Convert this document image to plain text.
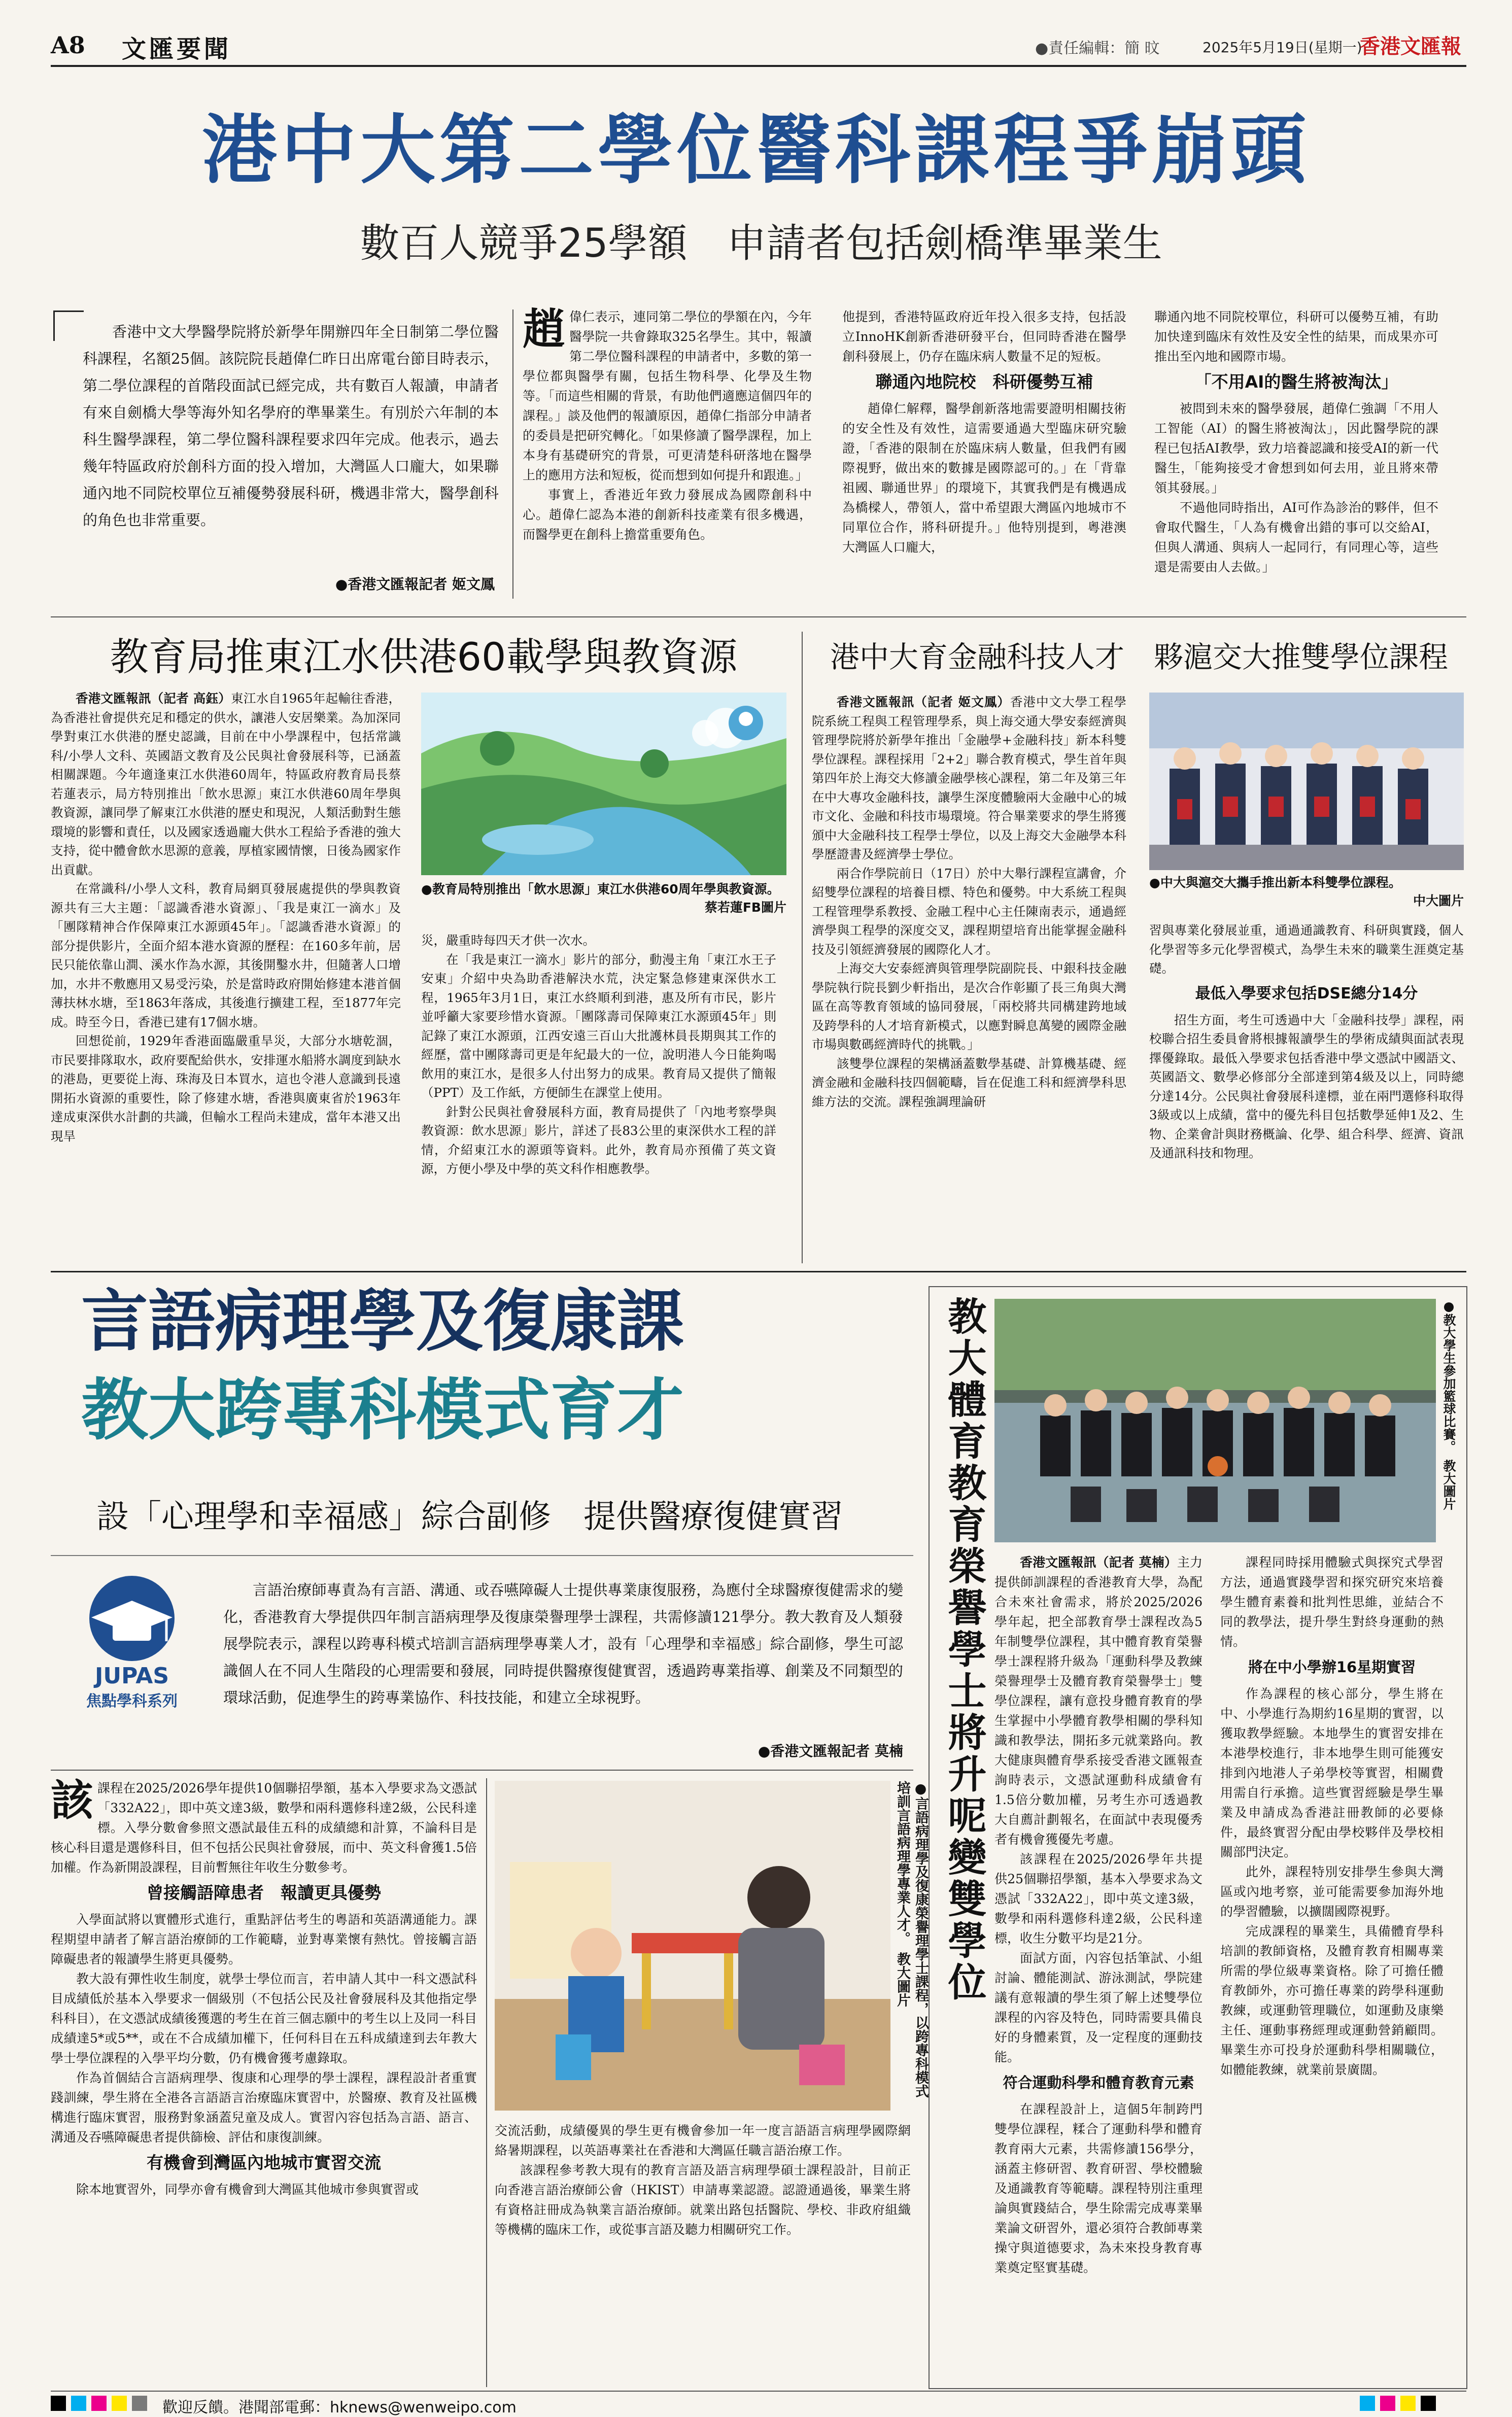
A8 文匯要聞	●責任編輯：簡 旼	2025年5月19日(星期一)
香港文匯報
港中大第二學位醫科課程爭崩頭
數百人競爭25學額　申請者包括劍橋準畢業生

香港中文大學醫學院將於新學年開辦四年全日制第二學位醫科課程，名額25個。該院院長趙偉仁昨日出席電台節目時表示，第二學位課程的首階段面試已經完成，共有數百人報讀，申請者有來自劍橋大學等海外知名學府的準畢業生。有別於六年制的本科生醫學課程，第二學位醫科課程要求四年完成。他表示，過去幾年特區政府於創科方面的投入增加，大灣區人口龐大，如果聯通內地不同院校單位互補優勢發展科研，機遇非常大，醫學創科的角色也非常重要。

●香港文匯報記者 姬文鳳
趙偉仁表示，連同第二學位的學額在內，今年醫學院一共會錄取325名學生。其中，報讀第二學位醫科課程的申請者中，多數的第一學位都與醫學有關，包括生物科學、化學及生物等。「而這些相關的背景，有助他們適應這個四年的課程。」談及他們的報讀原因，趙偉仁指部分申請者的委員是把研究轉化。「如果修讀了醫學課程，加上本身有基礎研究的背景，可更清楚科研落地在醫學上的應用方法和短板，從而想到如何提升和跟進。」

事實上，香港近年致力發展成為國際創科中心。趙偉仁認為本港的創新科技產業有很多機遇，而醫學更在創科上擔當重要角色。

他提到，香港特區政府近年投入很多支持，包括設立InnoHK創新香港研發平台，但同時香港在醫學創科發展上，仍存在臨床病人數量不足的短板。
聯通內地院校　科研優勢互補

趙偉仁解釋，醫學創新落地需要證明相關技術的安全性及有效性，這需要通過大型臨床研究驗證，「香港的限制在於臨床病人數量，但我們有國際視野，做出來的數據是國際認可的。」在「背靠祖國、聯通世界」的環境下，其實我們是有機遇成為橋樑人，帶領人，當中希望跟大灣區內地城市不同單位合作，將科研提升。」他特別提到，粵港澳大灣區人口龐大，

聯通內地不同院校單位，科研可以優勢互補，有助加快達到臨床有效性及安全性的結果，而成果亦可推出至內地和國際市場。
「不用AI的醫生將被淘汰」

被問到未來的醫學發展，趙偉仁強調「不用人工智能（AI）的醫生將被淘汰」，因此醫學院的課程已包括AI教學，致力培養認識和接受AI的新一代醫生，「能夠接受才會想到如何去用，並且將來帶領其發展。」

不過他同時指出，AI可作為診治的夥伴，但不會取代醫生，「人為有機會出錯的事可以交給AI，但與人溝通、與病人一起同行，有同理心等，這些還是需要由人去做。」

教育局推東江水供港60載學與教資源

香港文匯報訊（記者 高鈺）東江水自1965年起輸往香港，為香港社會提供充足和穩定的供水，讓港人安居樂業。為加深同學對東江水供港的歷史認識，目前在中小學課程中，包括常識科/小學人文科、英國語文教育及公民與社會發展科等，已涵蓋相關課題。今年適逢東江水供港60周年，特區政府教育局長蔡若蓮表示，局方特別推出「飲水思源」東江水供港60周年學與教資源，讓同學了解東江水供港的歷史和現況，人類活動對生態環境的影響和責任，以及國家透過龐大供水工程給予香港的強大支持，從中體會飲水思源的意義，厚植家國情懷，日後為國家作出貢獻。

在常識科/小學人文科，教育局網頁發展處提供的學與教資源共有三大主題：「認識香港水資源」、「我是東江一滴水」及「團隊精神合作保障東江水源頭45年」。「認識香港水資源」的部分提供影片，全面介紹本港水資源的歷程：在160多年前，居民只能依靠山澗、溪水作為水源，其後開鑿水井，但隨著人口增加，水井不敷應用又易受污染，於是當時政府開始修建本港首個薄扶林水塘，至1863年落成，其後進行擴建工程，至1877年完成。時至今日，香港已建有17個水塘。

回想從前，1929年香港面臨嚴重旱災，大部分水塘乾涸，市民要排隊取水，政府要配給供水，安排運水船將水調度到缺水的港島，更要從上海、珠海及日本買水，這也令港人意識到長遠開拓水資源的重要性，除了修建水塘，香港與廣東省於1963年達成東深供水計劃的共識，但輸水工程尚未建成，當年本港又出現旱

●教育局特別推出「飲水思源」東江水供港60周年學與教資源。
蔡若蓮FB圖片
災，嚴重時每四天才供一次水。

在「我是東江一滴水」影片的部分，動漫主角「東江水王子安東」介紹中央為助香港解決水荒，決定緊急修建東深供水工程，1965年3月1日，東江水終順利到港，惠及所有市民，影片並呼籲大家要珍惜水資源。「團隊壽司保障東江水源頭45年」則記錄了東江水源頭，江西安遠三百山大批護林員長期與其工作的經歷，當中團隊壽司更是年紀最大的一位，說明港人今日能夠喝飲用的東江水，是很多人付出努力的成果。教育局又提供了簡報（PPT）及工作紙，方便師生在課堂上使用。

針對公民與社會發展科方面，教育局提供了「內地考察學與教資源：飲水思源」影片，詳述了長83公里的東深供水工程的詳情，介紹東江水的源頭等資料。此外，教育局亦預備了英文資源，方便小學及中學的英文科作相應教學。

港中大育金融科技人才　夥滬交大推雙學位課程

香港文匯報訊（記者 姬文鳳）香港中文大學工程學院系統工程與工程管理學系，與上海交通大學安泰經濟與管理學院將於新學年推出「金融學+金融科技」新本科雙學位課程。課程採用「2+2」聯合教育模式，學生首年與第四年於上海交大修讀金融學核心課程，第二年及第三年在中大專攻金融科技，讓學生深度體驗兩大金融中心的城市文化、金融和科技市場環境。符合畢業要求的學生將獲頒中大金融科技工程學士學位，以及上海交大金融學本科學歷證書及經濟學士學位。

兩合作學院前日（17日）於中大舉行課程宣講會，介紹雙學位課程的培養目標、特色和優勢。中大系統工程與工程管理學系教授、金融工程中心主任陳南表示，通過經濟學與工程學的深度交叉，課程期望培育出能掌握金融科技及引領經濟發展的國際化人才。

上海交大安泰經濟與管理學院副院長、中銀科技金融學院執行院長劉少軒指出，是次合作彰顯了長三角與大灣區在高等教育領域的協同發展，「兩校將共同構建跨地域及跨學科的人才培育新模式，以應對瞬息萬變的國際金融市場與數碼經濟時代的挑戰。」

該雙學位課程的架構涵蓋數學基礎、計算機基礎、經濟金融和金融科技四個範疇，旨在促進工科和經濟學科思維方法的交流。課程強調理論研

●中大與滬交大攜手推出新本科雙學位課程。
中大圖片
習與專業化發展並重，通過通識教育、科研與實踐，個人化學習等多元化學習模式，為學生未來的職業生涯奠定基礎。
最低入學要求包括DSE總分14分

招生方面，考生可透過中大「金融科技學」課程，兩校聯合招生委員會將根據報讀學生的學術成績與面試表現擇優錄取。最低入學要求包括香港中學文憑試中國語文、英國語文、數學必修部分全部達到第4級及以上，同時總分達14分。公民與社會發展科達標，並在兩門選修科取得3級或以上成績，當中的優先科目包括數學延伸1及2、生物、企業會計與財務概論、化學、組合科學、經濟、資訊及通訊科技和物理。

言語病理學及復康課
教大跨專科模式育才
設「心理學和幸福感」綜合副修　提供醫療復健實習
JUPAS
焦點學科系列

言語治療師專責為有言語、溝通、或吞嚥障礙人士提供專業康復服務，為應付全球醫療復健需求的變化，香港教育大學提供四年制言語病理學及復康榮譽理學士課程，共需修讀121學分。教大教育及人類發展學院表示，課程以跨專科模式培訓言語病理學專業人才，設有「心理學和幸福感」綜合副修，學生可認識個人在不同人生階段的心理需要和發展，同時提供醫療復健實習，透過跨專業指導、創業及不同類型的環球活動，促進學生的跨專業協作、科技技能，和建立全球視野。

●香港文匯報記者 莫楠
該課程在2025/2026學年提供10個聯招學額，基本入學要求為文憑試「332A22」，即中英文達3級，數學和兩科選修科達2級，公民科達標。入學分數會參照文憑試最佳五科的成績總和計算，不論科目是核心科目還是選修科目，但不包括公民與社會發展，而中、英文科會獲1.5倍加權。作為新開設課程，目前暫無往年收生分數參考。
曾接觸語障患者　報讀更具優勢

入學面試將以實體形式進行，重點評估考生的粵語和英語溝通能力。課程期望申請者了解言語治療師的工作範疇，並對專業懷有熱忱。曾接觸言語障礙患者的報讀學生將更具優勢。

教大設有彈性收生制度，就學士學位而言，若申請人其中一科文憑試科目成績低於基本入學要求一個級別（不包括公民及社會發展科及其他指定學科科目），在文憑試成績後獲選的考生在首三個志願中的考生以上及同一科目成績達5*或5**，或在不合成績加權下，任何科目在五科成績達到去年教大學士學位課程的入學平均分數，仍有機會獲考慮錄取。

作為首個結合言語病理學、復康和心理學的學士課程，課程設計者重實踐訓練，學生將在全港各言語語言治療臨床實習中，於醫療、教育及社區機構進行臨床實習，服務對象涵蓋兒童及成人。實習內容包括為言語、語言、溝通及吞嚥障礙患者提供篩檢、評估和康復訓練。

有機會到灣區內地城市實習交流

除本地實習外，同學亦會有機會到大灣區其他城市參與實習或

●言語病理學及復康榮譽理學士課程，以跨專科模式培訓言語病理學專業人才。　教大圖片
交流活動，成績優異的學生更有機會參加一年一度言語語言病理學國際網絡暑期課程，以英語專業社在香港和大灣區任職言語治療工作。

該課程參考教大現有的教育言語及語言病理學碩士課程設計，目前正向香港言語治療師公會（HKIST）申請專業認證。認證通過後，畢業生將有資格註冊成為執業言語治療師。就業出路包括醫院、學校、非政府組織等機構的臨床工作，或從事言語及聽力相關研究工作。

教大體育教育榮譽學士將升呢變雙學位	●教大學生參加籃球比賽。　教大圖片

香港文匯報訊（記者 莫楠）主力提供師訓課程的香港教育大學，為配合未來社會需求，將於2025/2026學年起，把全部教育學士課程改為5年制雙學位課程，其中體育教育榮譽學士課程將升級為「運動科學及教練榮譽理學士及體育教育榮譽學士」雙學位課程，讓有意投身體育教育的學生掌握中小學體育教學相關的學科知識和教學法，開拓多元就業路向。教大健康與體育學系接受香港文匯報查詢時表示，文憑試運動科成績會有1.5倍分數加權，另考生亦可透過教大自薦計劃報名，在面試中表現優秀者有機會獲優先考慮。

該課程在2025/2026學年共提供25個聯招學額，基本入學要求為文憑試「332A22」，即中英文達3級，數學和兩科選修科達2級，公民科達標，收生分數平均是21分。

面試方面，內容包括筆試、小組討論、體能測試、游泳測試，學院建議有意報讀的學生須了解上述雙學位課程的內容及特色，同時需要具備良好的身體素質，及一定程度的運動技能。

符合運動科學和體育教育元素

在課程設計上，這個5年制跨門雙學位課程，糅合了運動科學和體育教育兩大元素，共需修讀156學分，涵蓋主修研習、教育研習、學校體驗及通識教育等範疇。課程特別注重理論與實踐結合，學生除需完成專業畢業論文研習外，還必須符合教師專業操守與道德要求，為未來投身教育專業奠定堅實基礎。

課程同時採用體驗式與探究式學習方法，通過實踐學習和探究研究來培養學生體育素養和批判性思維，並結合不同的教學法，提升學生對終身運動的熱情。

將在中小學辦16星期實習

作為課程的核心部分，學生將在中、小學進行為期約16星期的實習，以獲取教學經驗。本地學生的實習安排在本港學校進行，非本地學生則可能獲安排到內地港人子弟學校等實習，相關費用需自行承擔。這些實習經驗是學生畢業及申請成為香港註冊教師的必要條件，最終實習分配由學校夥伴及學校相關部門決定。

此外，課程特別安排學生參與大灣區或內地考察，並可能需要參加海外地的學習體驗，以擴闊國際視野。

完成課程的畢業生，具備體育學科培訓的教師資格，及體育教育相關專業所需的學位級專業資格。除了可擔任體育教師外，亦可擔任專業的跨學科運動教練，或運動管理職位，如運動及康樂主任、運動事務經理或運動營銷顧問。畢業生亦可投身於運動科學相關職位，如體能教練，就業前景廣闊。

歡迎反饋。港聞部電郵：hknews@wenweipo.com
